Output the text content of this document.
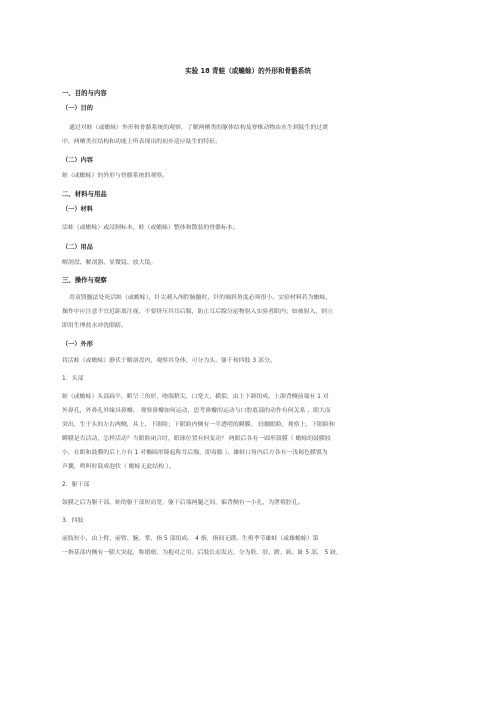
实验 18 青蛙（或蟾蜍）的外形和骨骼系统
一、目的与内容
（一）目的
通过对蛙（或蟾蜍）外形和骨骼系统的观察，了解两栖类的躯体结构及脊椎动物由水生到陆生的过渡
中，两栖类在结构和功能上所表现出的初步适应陆生的特征。
（二）内容
蛙（或蟾蜍）的外形与骨骼系统的观察。
二、材料与用品
（一）材料
活蛙（或蟾蜍）或浸制标本，蛙（或蟾蜍）整体和散装的骨骼标本。
（二）用品
解剖盘、解剖器、显微镜、放大镜。
三、操作与观察
用双毁髓法处死活蛙（或蟾蜍），针尖刺入颅腔脑髓时，针的倾斜角度必须很小。实验材料若为蟾蜍，
操作中应注意不宜近距离注视，不要挤压其耳后腺，防止耳后腺分泌物射入实验者眼内；如被射入，则立
即用生理盐水冲洗眼睛。
（一）外形
将活蛙（或蟾蜍）静伏于解剖盘内，观察其身体，可分为头、躯干和四肢 3 部分。
1．头部
蛙（或蟾蜍）头部扁平，略呈三角形，吻端稍尖，口宽大，横裂，由上下颌组成。上颌背侧前端有 1 对
外鼻孔，外鼻孔外缘具鼻瓣。 观察鼻瓣如何运动，思考鼻瓣的运动与口腔底部的动作有何关系 。眼大而
突出，生于头的左右两侧，具上、下眼睑；下眼睑内侧有一半透明的瞬膜。 轻触眼睑，观察上、下眼睑和
瞬膜是否活动，怎样活动？当眼睑闭合时，眼球位置有何变动？ 两眼后各有一圆形鼓膜（ 蟾蜍的鼓膜较
小，在眼和鼓膜的后上方有 1 对椭圆形隆起称耳后腺，即毒腺 ）。雄蛙口角内后方各有一浅褐色膜襞为
声囊，鸣叫时鼓成泡状（ 蟾蜍无此结构 ）。
2．躯干部
鼓膜之后为躯干部。蛙的躯干部短而宽，躯干后端两腿之间，偏背侧有一小孔，为泄殖腔孔。
3．四肢
前肢短小，由上臂、前臂、腕、掌、指 5 部组成。 4 指，指间无蹼。生殖季节雄蛙（或雄蟾蜍）第
一指基部内侧有一膨大突起，称婚瘤，为抱对之用。后肢长而发达，分为股、胫、跗、跖、趾 5 部， 5 趾，
